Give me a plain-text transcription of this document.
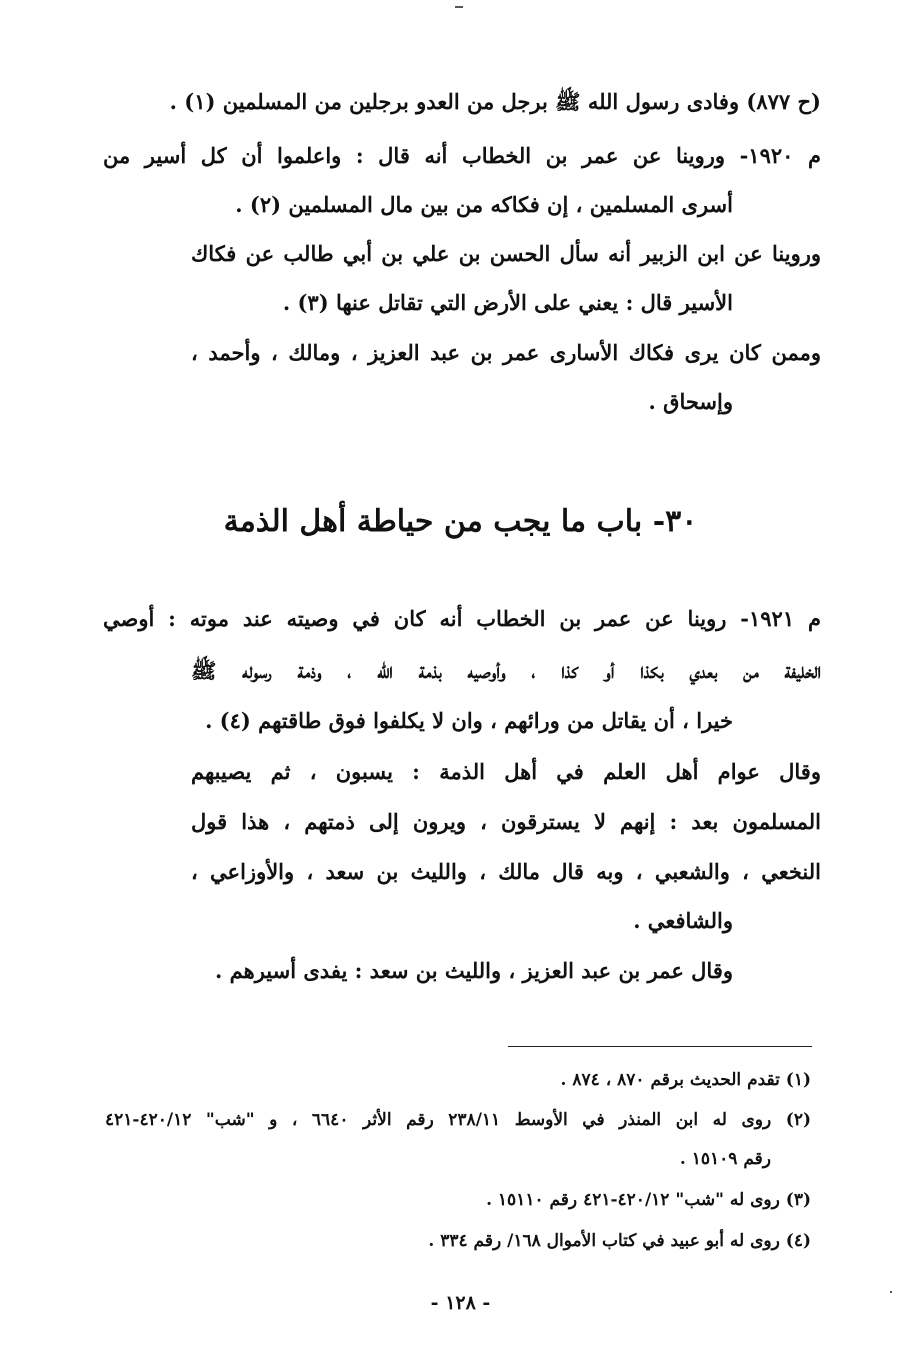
(ح ٨٧٧) وفادى رسول الله ﷺ برجل من العدو برجلين من المسلمين (١) .
م ١٩٢٠- وروينا عن عمر بن الخطاب أنه قال : واعلموا أن كل أسير من
أسرى المسلمين ، إن فكاكه من بين مال المسلمين (٢) .
وروينا عن ابن الزبير أنه سأل الحسن بن علي بن أبي طالب عن فكاك
الأسير قال : يعني على الأرض التي تقاتل عنها (٣) .
وممن كان يرى فكاك الأسارى عمر بن عبد العزيز ، ومالك ، وأحمد ،
وإسحاق .
٣٠- باب ما يجب من حياطة أهل الذمة
م ١٩٢١- روينا عن عمر بن الخطاب أنه كان في وصيته عند موته : أوصي
الخليفة من بعدي بكذا أو كذا ، وأوصيه بذمة الله ، وذمة رسوله ﷺ
خيرا ، أن يقاتل من ورائهم ، وان لا يكلفوا فوق طاقتهم (٤) .
وقال عوام أهل العلم في أهل الذمة : يسبون ، ثم يصيبهم
المسلمون بعد : إنهم لا يسترقون ، ويرون إلى ذمتهم ، هذا قول
النخعي ، والشعبي ، وبه قال مالك ، والليث بن سعد ، والأوزاعي ،
والشافعي .
وقال عمر بن عبد العزيز ، والليث بن سعد : يفدى أسيرهم .
(١) تقدم الحديث برقم ٨٧٠ ، ٨٧٤ .
(٢) روى له ابن المنذر في الأوسط ٢٣٨/١١ رقم الأثر ٦٦٤٠ ، و "شب" ٤٢٠/١٢-٤٢١
رقم ١٥١٠٩ .
(٣) روى له "شب" ٤٢٠/١٢-٤٢١ رقم ١٥١١٠ .
(٤) روى له أبو عبيد في كتاب الأموال ١٦٨/ رقم ٣٣٤ .
- ١٢٨ -
